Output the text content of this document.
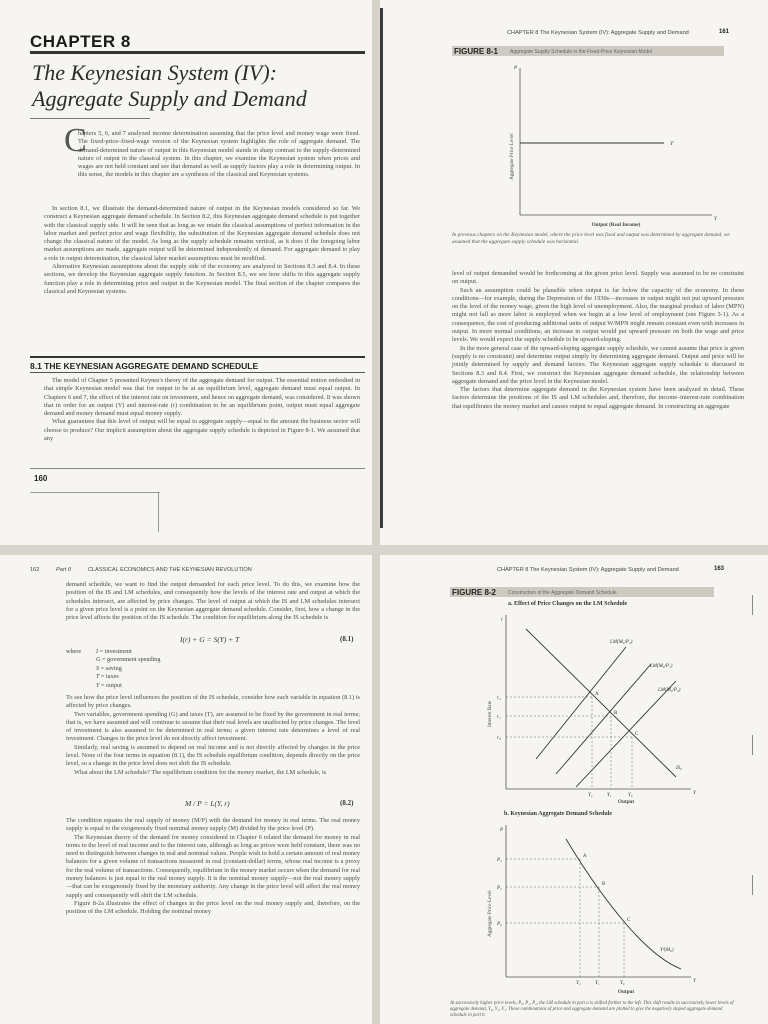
CHAPTER 8
The Keynesian System (IV):
Aggregate Supply and Demand
C

hapters 5, 6, and 7 analyzed income determination assuming that the price level and money wage were fixed. The fixed-price–fixed-wage version of the Keynesian system highlights the role of aggregate demand. The demand-determined nature of output in this Keynesian model stands in sharp contrast to the supply-determined nature of output in the classical system. In this chapter, we examine the Keynesian system when prices and wages are not held constant and see that demand as well as supply factors play a role in determining output. In this sense, the models in this chapter are a synthesis of the classical and Keynesian systems.

In section 8.1, we illustrate the demand-determined nature of output in the Keynesian models considered so far. We construct a Keynesian aggregate demand schedule. In Section 8.2, this Keynesian aggregate demand schedule is put together with the classical supply side. It will be seen that as long as we retain the classical assumptions of perfect information in the labor market and perfect price and wage flexibility, the substitution of the Keynesian aggregate demand schedule does not change the classical nature of the model. As long as the supply schedule remains vertical, as it does if the foregoing labor market assumptions are made, aggregate output will be determined independently of demand. For aggregate demand to play a role in output determination, the classical labor market assumptions must be modified.

Alternative Keynesian assumptions about the supply side of the economy are analyzed in Sections 8.3 and 8.4. In these sections, we develop the Keynesian aggregate supply function. In Section 8.5, we see how shifts in this aggregate supply function play a role in determining price and output in the Keynesian model. The final section of the chapter compares the classical and Keynesian systems.

8.1 THE KEYNESIAN AGGREGATE DEMAND SCHEDULE

The model of Chapter 5 presented Keynes's theory of the aggregate demand for output. The essential notion embodied in that simple Keynesian model was that for output to be at an equilibrium level, aggregate demand must equal output. In Chapters 6 and 7, the effect of the interest rate on investment, and hence on aggregate demand, was considered. It was shown that in order for an output (Y) and interest-rate (r) combination to be an equilibrium point, output must equal aggregate demand and money demand must equal money supply.

What guarantees that this level of output will be equal to aggregate supply—equal to the amount the business sector will choose to produce? Our implicit assumption about the aggregate supply schedule is depicted in Figure 8-1. We assumed that any

160
CHAPTER 8 The Keynesian System (IV): Aggregate Supply and Demand	161
FIGURE 8-1 Aggregate Supply Schedule in the Fixed-Price Keynesian Model
P
Y'
Y
Aggregate Price Level
Output (Real Income)
In previous chapters on the Keynesian model, where the price level was fixed and output was determined by aggregate demand, we assumed that the aggregate supply schedule was horizontal.

level of output demanded would be forthcoming at the given price level. Supply was assumed to be no constraint on output.

Such an assumption could be plausible when output is far below the capacity of the economy. In these conditions—for example, during the Depression of the 1930s—increases in output might not put upward pressure on the level of the money wage, given the high level of unemployment. Also, the marginal product of labor (MPN) might not fall as more labor is employed when we begin at a low level of employment (see Figure 3-1). As a consequence, the cost of producing additional units of output W/MPN might remain constant even with increases in output. In more normal conditions, an increase in output would put upward pressure on both the wage and price levels. We would expect the supply schedule to be upward-sloping.

In the more general case of the upward-sloping aggregate supply schedule, we cannot assume that price is given (supply is no constraint) and determine output simply by determining aggregate demand. Output and price will be jointly determined by supply and demand factors. The Keynesian aggregate supply schedule is discussed in Sections 8.3 and 8.4. First, we construct the Keynesian aggregate demand schedule, the relationship between aggregate demand and the price level in the Keynesian model.

The factors that determine aggregate demand in the Keynesian system have been analyzed in detail. These factors determine the positions of the IS and LM schedules and, therefore, the income–interest-rate combination that equilibrates the money market and causes output to equal aggregate demand. In constructing an aggregate

162	Part II	CLASSICAL ECONOMICS AND THE KEYNESIAN REVOLUTION

demand schedule, we want to find the output demanded for each price level. To do this, we examine how the position of the IS and LM schedules, and consequently how the levels of the interest rate and output at which the schedules intersect, are affected by price changes. The level of output at which the IS and LM schedules intersect for a given price level is a point on the Keynesian aggregate demand schedule. Consider, first, how a change in the price level affects the position of the IS schedule. The condition for equilibrium along the IS schedule is

I(r) + G = S(Y) + T	(8.1)
where I = investment
G = government spending
S = saving
T = taxes
Y = output

To see how the price level influences the position of the IS schedule, consider how each variable in equation (8.1) is affected by price changes.

Two variables, government spending (G) and taxes (T), are assumed to be fixed by the government in real terms; that is, we have assumed and will continue to assume that their real levels are unaffected by price changes. The level of investment is also assumed to be determined in real terms; a given interest rate determines a level of real investment. Changes in the price level do not directly affect investment.

Similarly, real saving is assumed to depend on real income and is not directly affected by changes in the price level. None of the four terms in equation (8.1), the IS schedule equilibrium condition, depends directly on the price level, so a change in the price level does not shift the IS schedule.

What about the LM schedule? The equilibrium condition for the money market, the LM schedule, is

M / P = L(Y, r)	(8.2)

The condition equates the real supply of money (M/P) with the demand for money in real terms. The real money supply is equal to the exogenously fixed nominal money supply (M) divided by the price level (P).

The Keynesian theory of the demand for money considered in Chapter 6 related the demand for money in real terms to the level of real income and to the interest rate, although as long as prices were held constant, there was no need to distinguish between changes in real and nominal values. People wish to hold a certain amount of real money balances for a given volume of transactions measured in real (constant-dollar) terms, whose real income is a proxy for the real volume of transactions. Consequently, equilibrium in the money market occurs when the demand for real money balances is just equal to the real money supply. It is the nominal money supply—not the real money supply—that can be exogenously fixed by the monetary authority. Any change in the price level will affect the real money supply and consequently will shift the LM schedule.

Figure 8-2a illustrates the effect of changes in the price level on the real money supply and, therefore, on the position of the LM schedule. Holding the nominal money

CHAPTER 8 The Keynesian System (IV): Aggregate Supply and Demand	163
FIGURE 8-2 Construction of the Aggregate Demand Schedule
a. Effect of Price Changes on the LM Schedule
r
Y
Interest Rate
Output
r₂
r₁
r₀
Y₂	Y₁	Y₀
A
B
C
LM(M₀/P₂)
LM(M₀/P₁)
LM(M₀/P₀)
IS₀
b. Keynesian Aggregate Demand Schedule
P
Y
Aggregate Price Level
Output
P₂
P₁
P₀
Y₂	Y₁	Y₀
A
B
C
Yᵈ(M₀)
At successively higher price levels, P₀, P₁, P₂, the LM schedule in part a is shifted farther to the left. This shift results in successively lower levels of aggregate demand, Y₀, Y₁, Y₂. These combinations of price and aggregate demand are plotted to give the negatively sloped aggregate demand schedule in part b.
